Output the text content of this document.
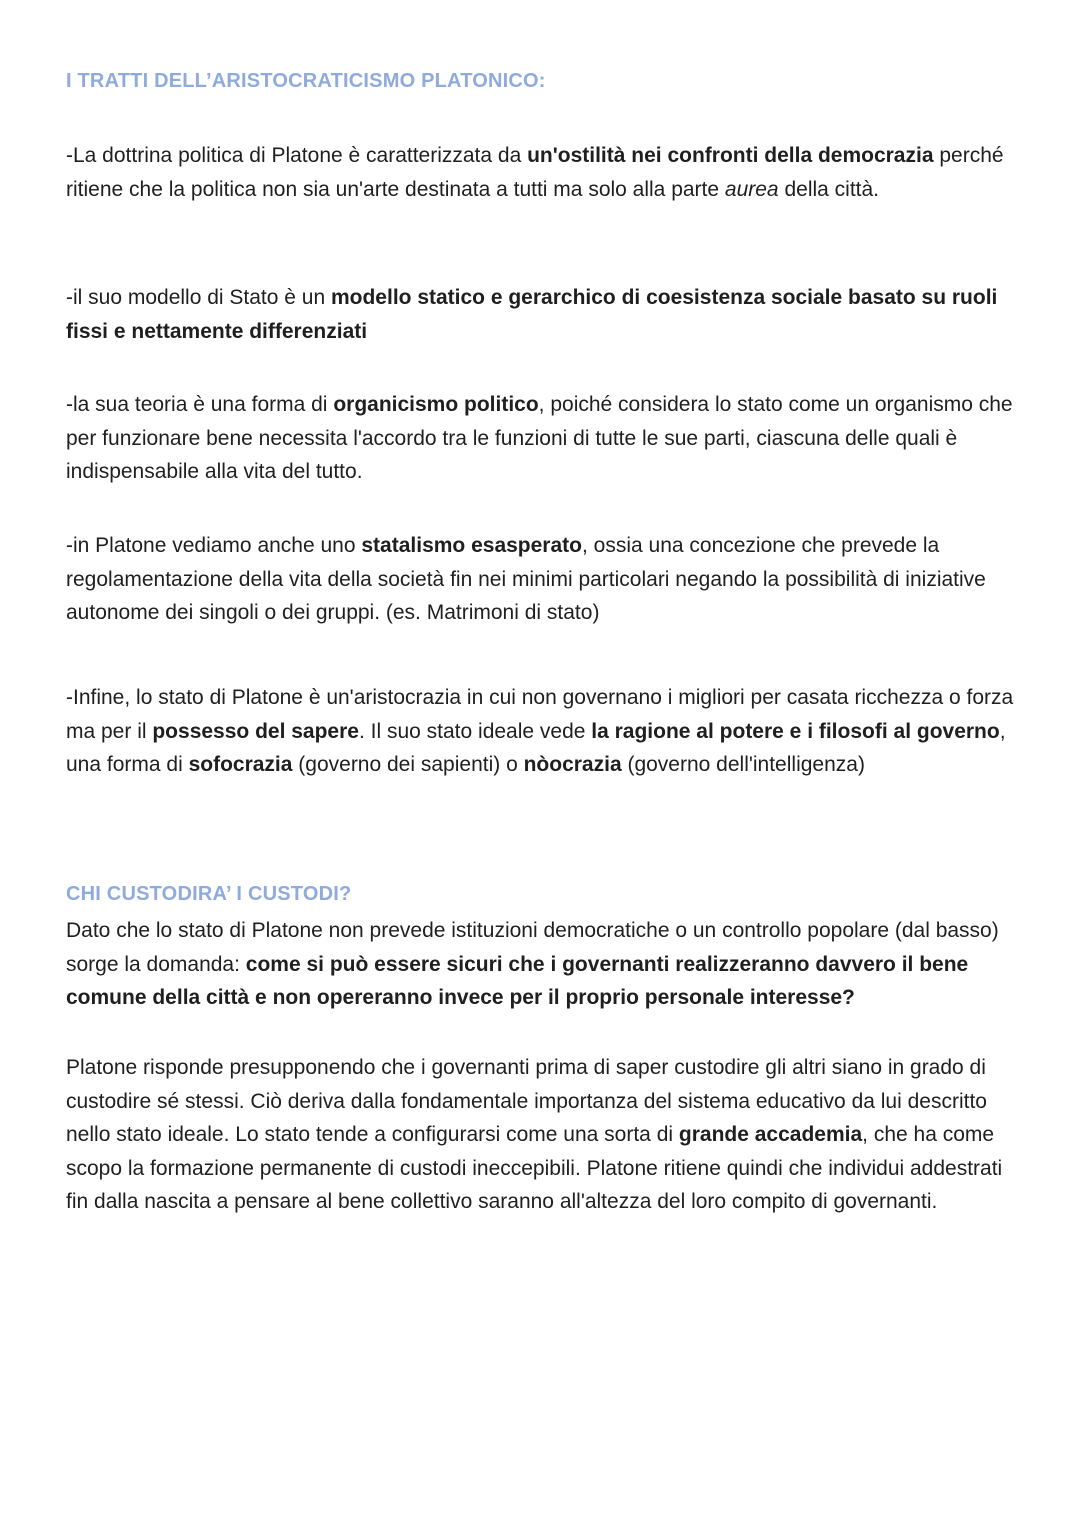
I TRATTI DELL’ARISTOCRATICISMO PLATONICO:

-La dottrina politica di Platone è caratterizzata da un'ostilità nei confronti della democrazia perché ritiene che la politica non sia un'arte destinata a tutti ma solo alla parte aurea della città.

-il suo modello di Stato è un modello statico e gerarchico di coesistenza sociale basato su ruoli fissi e nettamente differenziati

-la sua teoria è una forma di organicismo politico, poiché considera lo stato come un organismo che per funzionare bene necessita l'accordo tra le funzioni di tutte le sue parti, ciascuna delle quali è indispensabile alla vita del tutto.

-in Platone vediamo anche uno statalismo esasperato, ossia una concezione che prevede la regolamentazione della vita della società fin nei minimi particolari negando la possibilità di iniziative autonome dei singoli o dei gruppi. (es. Matrimoni di stato)

-Infine, lo stato di Platone è un'aristocrazia in cui non governano i migliori per casata ricchezza o forza ma per il possesso del sapere. Il suo stato ideale vede la ragione al potere e i filosofi al governo, una forma di sofocrazia (governo dei sapienti) o nòocrazia (governo dell'intelligenza)

CHI CUSTODIRA’ I CUSTODI?

Dato che lo stato di Platone non prevede istituzioni democratiche o un controllo popolare (dal basso) sorge la domanda: come si può essere sicuri che i governanti realizzeranno davvero il bene comune della città e non opereranno invece per il proprio personale interesse?

Platone risponde presupponendo che i governanti prima di saper custodire gli altri siano in grado di custodire sé stessi. Ciò deriva dalla fondamentale importanza del sistema educativo da lui descritto nello stato ideale. Lo stato tende a configurarsi come una sorta di grande accademia, che ha come scopo la formazione permanente di custodi ineccepibili. Platone ritiene quindi che individui addestrati fin dalla nascita a pensare al bene collettivo saranno all'altezza del loro compito di governanti.
